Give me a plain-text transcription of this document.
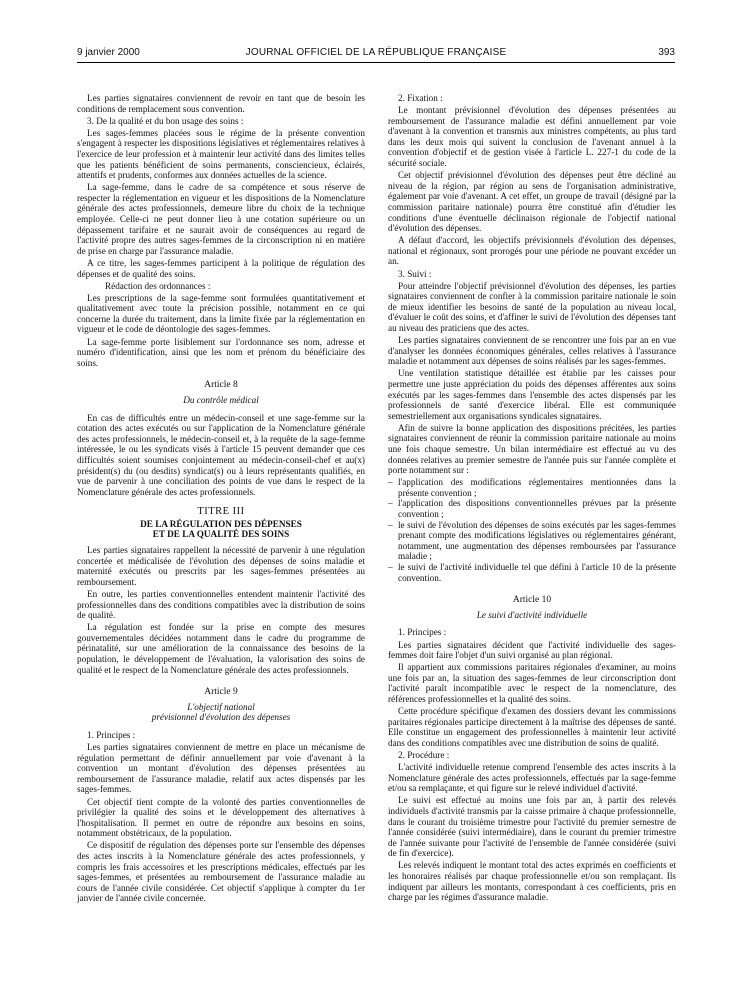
9 janvier 2000	JOURNAL OFFICIEL DE LA RÉPUBLIQUE FRANÇAISE	393

Les parties signataires conviennent de revoir en tant que de besoin les conditions de remplacement sous convention.

3. De la qualité et du bon usage des soins :

Les sages-femmes placées sous le régime de la présente convention s'engagent à respecter les dispositions législatives et réglementaires relatives à l'exercice de leur profession et à maintenir leur activité dans des limites telles que les patients bénéficient de soins permanents, consciencieux, éclairés, attentifs et prudents, conformes aux données actuelles de la science.

La sage-femme, dans le cadre de sa compétence et sous réserve de respecter la réglementation en vigueur et les dispositions de la Nomenclature générale des actes professionnels, demeure libre du choix de la technique employée. Celle-ci ne peut donner lieu à une cotation supérieure ou un dépassement tarifaire et ne saurait avoir de conséquences au regard de l'activité propre des autres sages-femmes de la circonscription ni en matière de prise en charge par l'assurance maladie.

A ce titre, les sages-femmes participent à la politique de régulation des dépenses et de qualité des soins.

Rédaction des ordonnances :

Les prescriptions de la sage-femme sont formulées quantitativement et qualitativement avec toute la précision possible, notamment en ce qui concerne la durée du traitement, dans la limite fixée par la réglementation en vigueur et le code de déontologie des sages-femmes.

La sage-femme porte lisiblement sur l'ordonnance ses nom, adresse et numéro d'identification, ainsi que les nom et prénom du bénéficiaire des soins.

Article 8
Du contrôle médical

En cas de difficultés entre un médecin-conseil et une sage-femme sur la cotation des actes exécutés ou sur l'application de la Nomenclature générale des actes professionnels, le médecin-conseil et, à la requête de la sage-femme intéressée, le ou les syndicats visés à l'article 15 peuvent demander que ces difficultés soient soumises conjointement au médecin-conseil-chef et au(x) président(s) du (ou desdits) syndicat(s) ou à leurs représentants qualifiés, en vue de parvenir à une conciliation des points de vue dans le respect de la Nomenclature générale des actes professionnels.

TITRE III
DE LA RÉGULATION DES DÉPENSES
ET DE LA QUALITÉ DES SOINS

Les parties signataires rappellent la nécessité de parvenir à une régulation concertée et médicalisée de l'évolution des dépenses de soins maladie et maternité exécutés ou prescrits par les sages-femmes présentées au remboursement.

En outre, les parties conventionnelles entendent maintenir l'activité des professionnelles dans des conditions compatibles avec la distribution de soins de qualité.

La régulation est fondée sur la prise en compte des mesures gouvernementales décidées notamment dans le cadre du programme de périnatalité, sur une amélioration de la connaissance des besoins de la population, le développement de l'évaluation, la valorisation des soins de qualité et le respect de la Nomenclature générale des actes professionnels.

Article 9
L'objectif national
prévisionnel d'évolution des dépenses

1. Principes :

Les parties signataires conviennent de mettre en place un mécanisme de régulation permettant de définir annuellement par voie d'avenant à la convention un montant d'évolution des dépenses présentées au remboursement de l'assurance maladie, relatif aux actes dispensés par les sages-femmes.

Cet objectif tient compte de la volonté des parties conventionnelles de privilégier la qualité des soins et le développement des alternatives à l'hospitalisation. Il permet en outre de répondre aux besoins en soins, notamment obstétricaux, de la population.

Ce dispositif de régulation des dépenses porte sur l'ensemble des dépenses des actes inscrits à la Nomenclature générale des actes professionnels, y compris les frais accessoires et les prescriptions médicales, effectués par les sages-femmes, et présentées au remboursement de l'assurance maladie au cours de l'année civile considérée. Cet objectif s'applique à compter du 1er janvier de l'année civile concernée.

2. Fixation :

Le montant prévisionnel d'évolution des dépenses présentées au remboursement de l'assurance maladie est défini annuellement par voie d'avenant à la convention et transmis aux ministres compétents, au plus tard dans les deux mois qui suivent la conclusion de l'avenant annuel à la convention d'objectif et de gestion visée à l'article L. 227-1 du code de la sécurité sociale.

Cet objectif prévisionnel d'évolution des dépenses peut être décliné au niveau de la région, par région au sens de l'organisation administrative, également par voie d'avenant. A cet effet, un groupe de travail (désigné par la commission paritaire nationale) pourra être constitué afin d'étudier les conditions d'une éventuelle déclinaison régionale de l'objectif national d'évolution des dépenses.

A défaut d'accord, les objectifs prévisionnels d'évolution des dépenses, national et régionaux, sont prorogés pour une période ne pouvant excéder un an.

3. Suivi :

Pour atteindre l'objectif prévisionnel d'évolution des dépenses, les parties signataires conviennent de confier à la commission paritaire nationale le soin de mieux identifier les besoins de santé de la population au niveau local, d'évaluer le coût des soins, et d'affiner le suivi de l'évolution des dépenses tant au niveau des praticiens que des actes.

Les parties signataires conviennent de se rencontrer une fois par an en vue d'analyser les données économiques générales, celles relatives à l'assurance maladie et notamment aux dépenses de soins réalisés par les sages-femmes.

Une ventilation statistique détaillée est établie par les caisses pour permettre une juste appréciation du poids des dépenses afférentes aux soins exécutés par les sages-femmes dans l'ensemble des actes dispensés par les professionnels de santé d'exercice libéral. Elle est communiquée semestriellement aux organisations syndicales signataires.

Afin de suivre la bonne application des dispositions précitées, les parties signataires conviennent de réunir la commission paritaire nationale au moins une fois chaque semestre. Un bilan intermédiaire est effectué au vu des données relatives au premier semestre de l'année puis sur l'année complète et porte notamment sur :

– l'application des modifications réglementaires mentionnées dans la présente convention ;
– l'application des dispositions conventionnelles prévues par la présente convention ;
– le suivi de l'évolution des dépenses de soins exécutés par les sages-femmes prenant compte des modifications législatives ou réglementaires générant, notamment, une augmentation des dépenses remboursées par l'assurance maladie ;
– le suivi de l'activité individuelle tel que défini à l'article 10 de la présente convention.
Article 10
Le suivi d'activité individuelle

1. Principes :

Les parties signataires décident que l'activité individuelle des sages-femmes doit faire l'objet d'un suivi organisé au plan régional.

Il appartient aux commissions paritaires régionales d'examiner, au moins une fois par an, la situation des sages-femmes de leur circonscription dont l'activité paraît incompatible avec le respect de la nomenclature, des références professionnelles et la qualité des soins.

Cette procédure spécifique d'examen des dossiers devant les commissions paritaires régionales participe directement à la maîtrise des dépenses de santé. Elle constitue un engagement des professionnelles à maintenir leur activité dans des conditions compatibles avec une distribution de soins de qualité.

2. Procédure :

L'activité individuelle retenue comprend l'ensemble des actes inscrits à la Nomenclature générale des actes professionnels, effectués par la sage-femme et/ou sa remplaçante, et qui figure sur le relevé individuel d'activité.

Le suivi est effectué au moins une fois par an, à partir des relevés individuels d'activité transmis par la caisse primaire à chaque professionnelle, dans le courant du troisième trimestre pour l'activité du premier semestre de l'année considérée (suivi intermédiaire), dans le courant du premier trimestre de l'année suivante pour l'activité de l'ensemble de l'année considérée (suivi de fin d'exercice).

Les relevés indiquent le montant total des actes exprimés en coefficients et les honoraires réalisés par chaque professionnelle et/ou son remplaçant. Ils indiquent par ailleurs les montants, correspondant à ces coefficients, pris en charge par les régimes d'assurance maladie.
